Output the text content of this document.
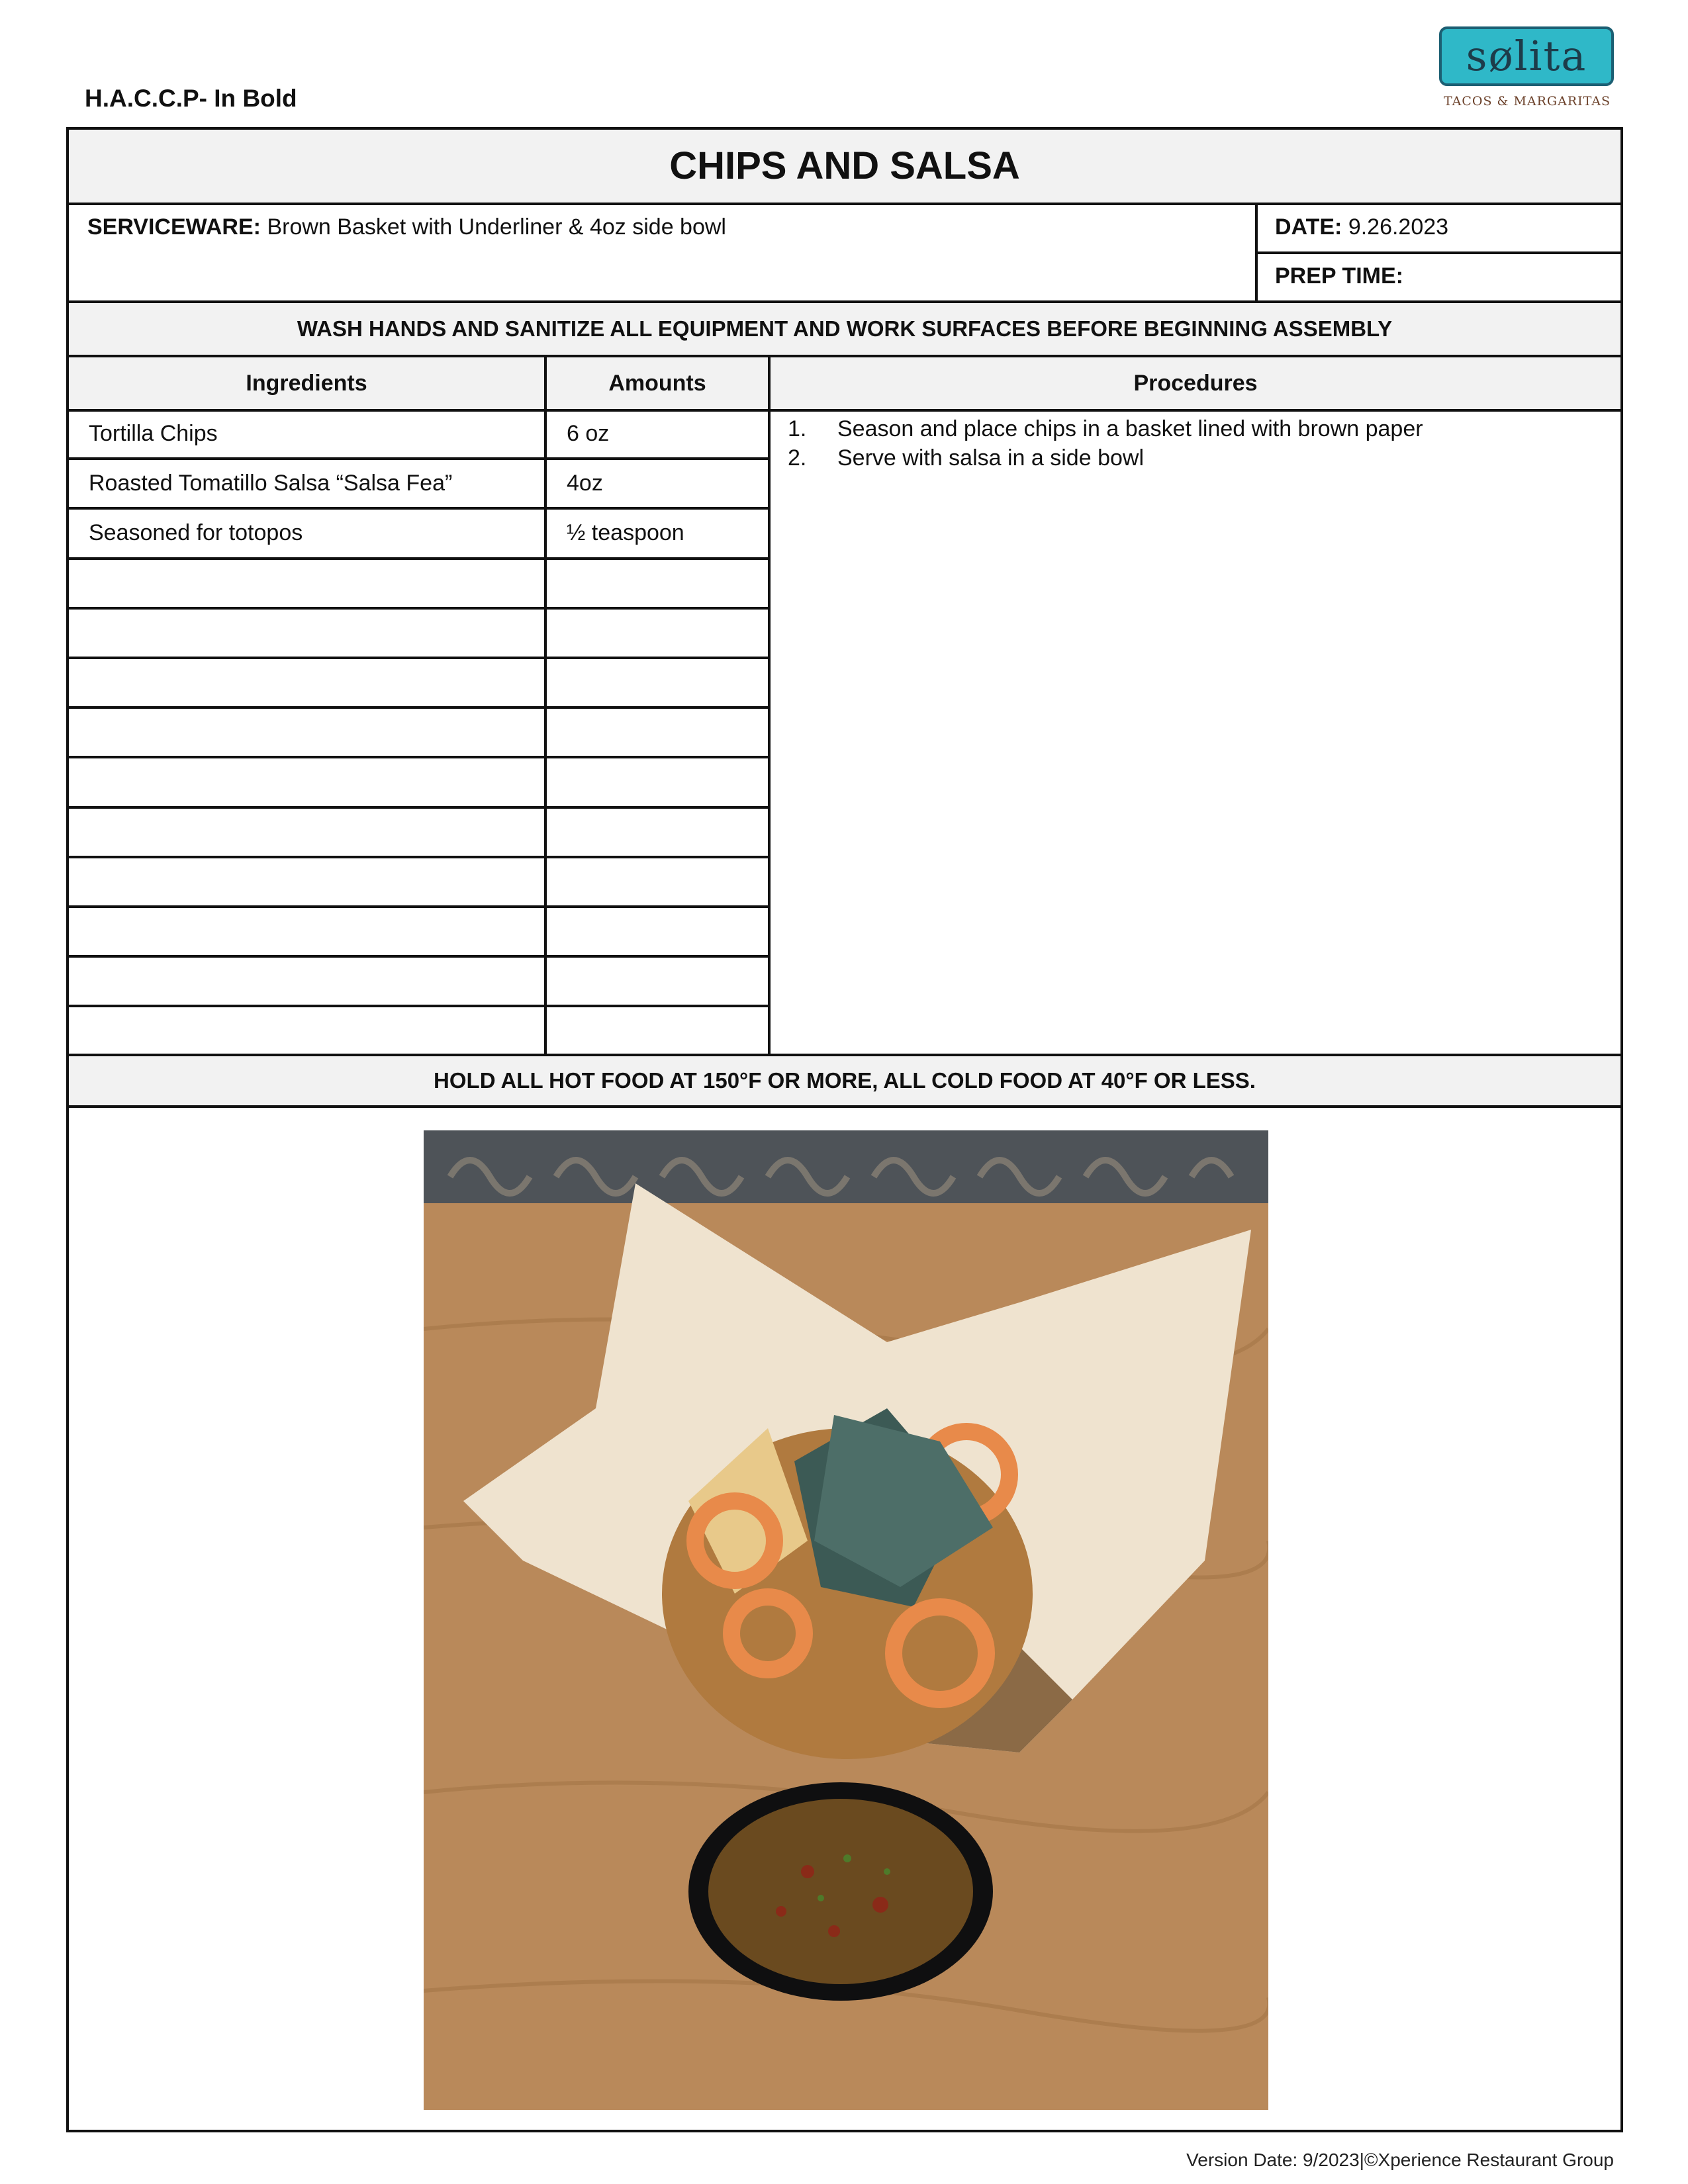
H.A.C.C.P- In Bold
sølita
TACOS & MARGARITAS
CHIPS AND SALSA
SERVICEWARE: Brown Basket with Underliner & 4oz side bowl	DATE: 9.26.2023
PREP TIME:
WASH HANDS AND SANITIZE ALL EQUIPMENT AND WORK SURFACES BEFORE BEGINNING ASSEMBLY
Ingredients	Amounts	Procedures
Tortilla Chips	6 oz
Roasted Tomatillo Salsa “Salsa Fea”	4oz
Seasoned for totopos	½ teaspoon
1. Season and place chips in a basket lined with brown paper
2. Serve with salsa in a side bowl
HOLD ALL HOT FOOD AT 150°F OR MORE, ALL COLD FOOD AT 40°F OR LESS.
Version Date: 9/2023|©Xperience Restaurant Group
